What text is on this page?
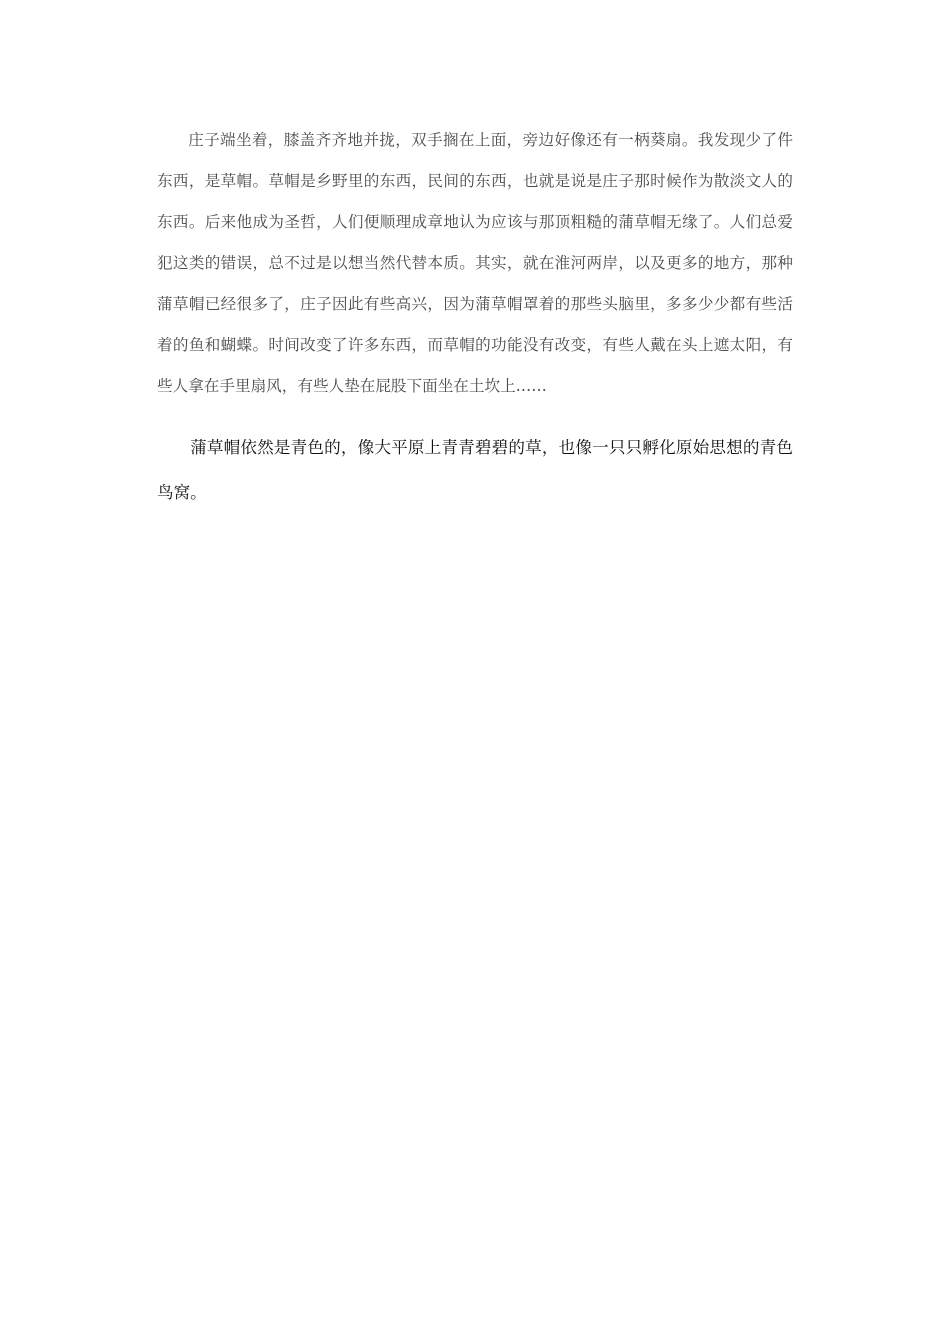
庄子端坐着，膝盖齐齐地并拢，双手搁在上面，旁边好像还有一柄葵扇。我发现少了件东西，是草帽。草帽是乡野里的东西，民间的东西，也就是说是庄子那时候作为散淡文人的东西。后来他成为圣哲，人们便顺理成章地认为应该与那顶粗糙的蒲草帽无缘了。人们总爱犯这类的错误，总不过是以想当然代替本质。其实，就在淮河两岸，以及更多的地方，那种蒲草帽已经很多了，庄子因此有些高兴，因为蒲草帽罩着的那些头脑里，多多少少都有些活着的鱼和蝴蝶。时间改变了许多东西，而草帽的功能没有改变，有些人戴在头上遮太阳，有些人拿在手里扇风，有些人垫在屁股下面坐在土坎上……

蒲草帽依然是青色的，像大平原上青青碧碧的草，也像一只只孵化原始思想的青色鸟窝。
